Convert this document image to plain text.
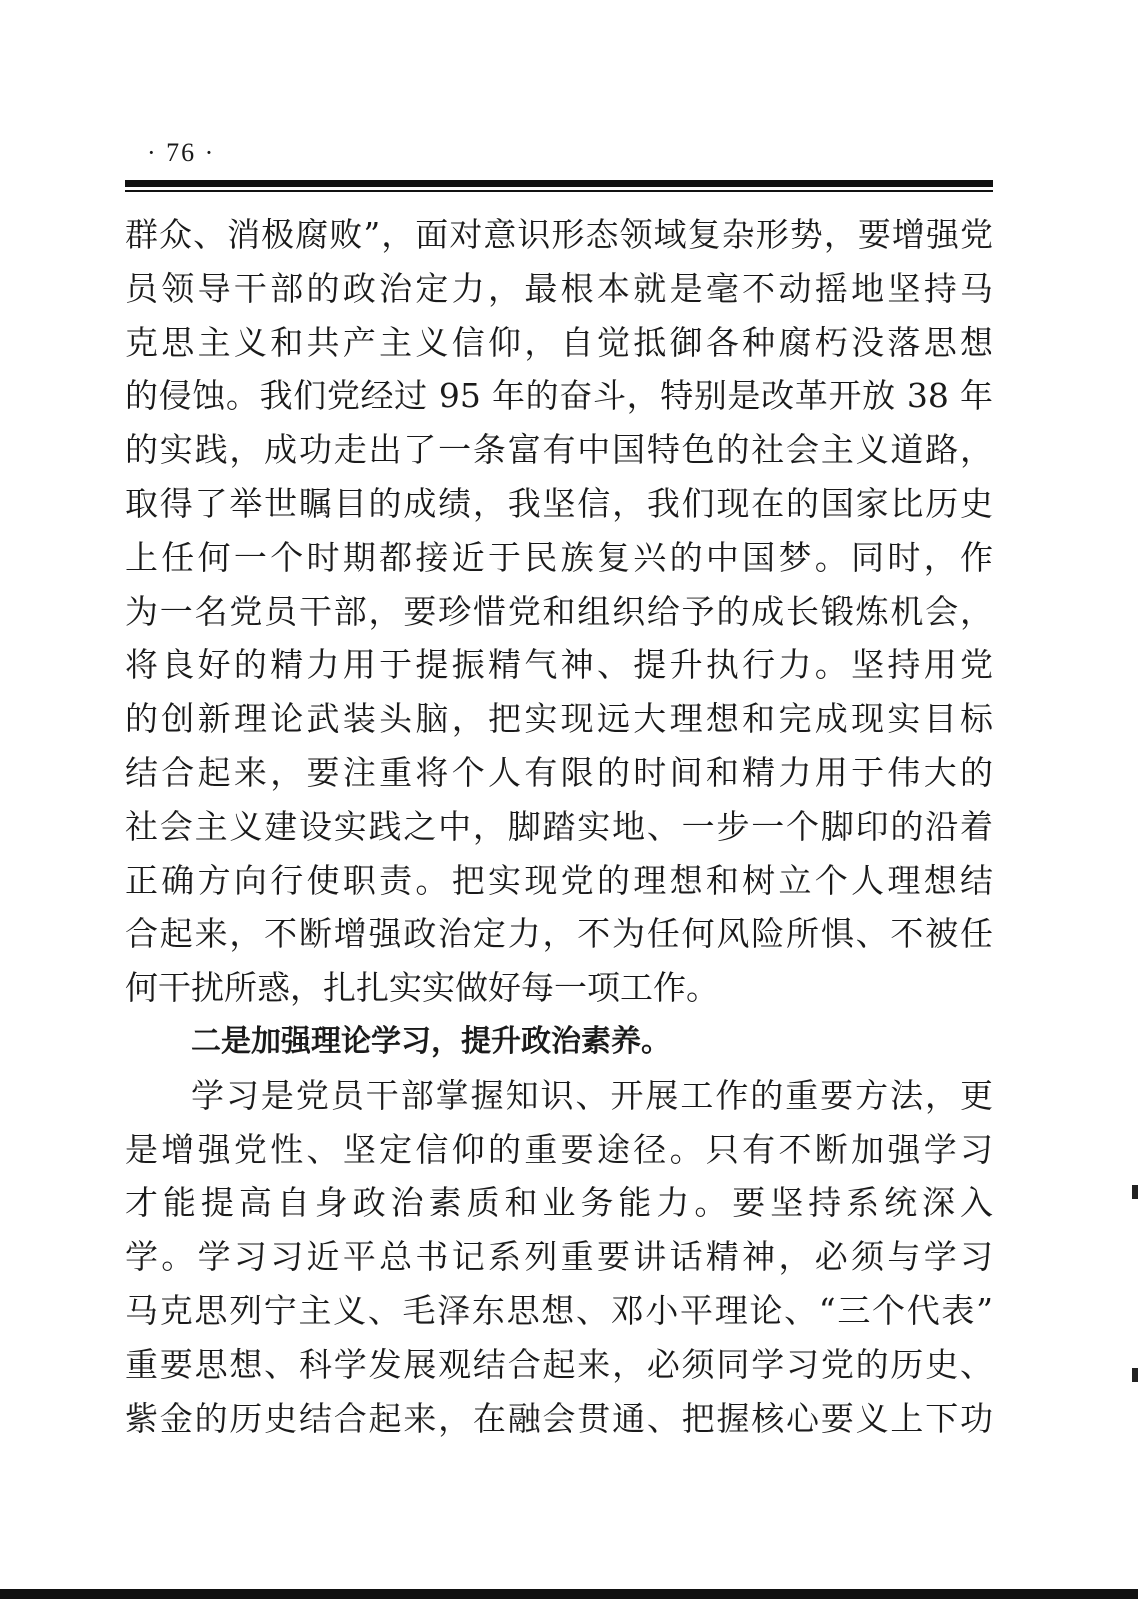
· 76 ·
群众、消极腐败”，面对意识形态领域复杂形势，要增强党
员领导干部的政治定力，最根本就是毫不动摇地坚持马
克思主义和共产主义信仰，自觉抵御各种腐朽没落思想
的侵蚀。我们党经过 95 年的奋斗，特别是改革开放 38 年
的实践，成功走出了一条富有中国特色的社会主义道路，
取得了举世瞩目的成绩，我坚信，我们现在的国家比历史
上任何一个时期都接近于民族复兴的中国梦。同时，作
为一名党员干部，要珍惜党和组织给予的成长锻炼机会，
将良好的精力用于提振精气神、提升执行力。坚持用党
的创新理论武装头脑，把实现远大理想和完成现实目标
结合起来，要注重将个人有限的时间和精力用于伟大的
社会主义建设实践之中，脚踏实地、一步一个脚印的沿着
正确方向行使职责。把实现党的理想和树立个人理想结
合起来，不断增强政治定力，不为任何风险所惧、不被任
何干扰所惑，扎扎实实做好每一项工作。
二是加强理论学习，提升政治素养。
学习是党员干部掌握知识、开展工作的重要方法，更
是增强党性、坚定信仰的重要途径。只有不断加强学习
才能提高自身政治素质和业务能力。要坚持系统深入
学。学习习近平总书记系列重要讲话精神，必须与学习
马克思列宁主义、毛泽东思想、邓小平理论、“三个代表”
重要思想、科学发展观结合起来，必须同学习党的历史、
紫金的历史结合起来，在融会贯通、把握核心要义上下功
